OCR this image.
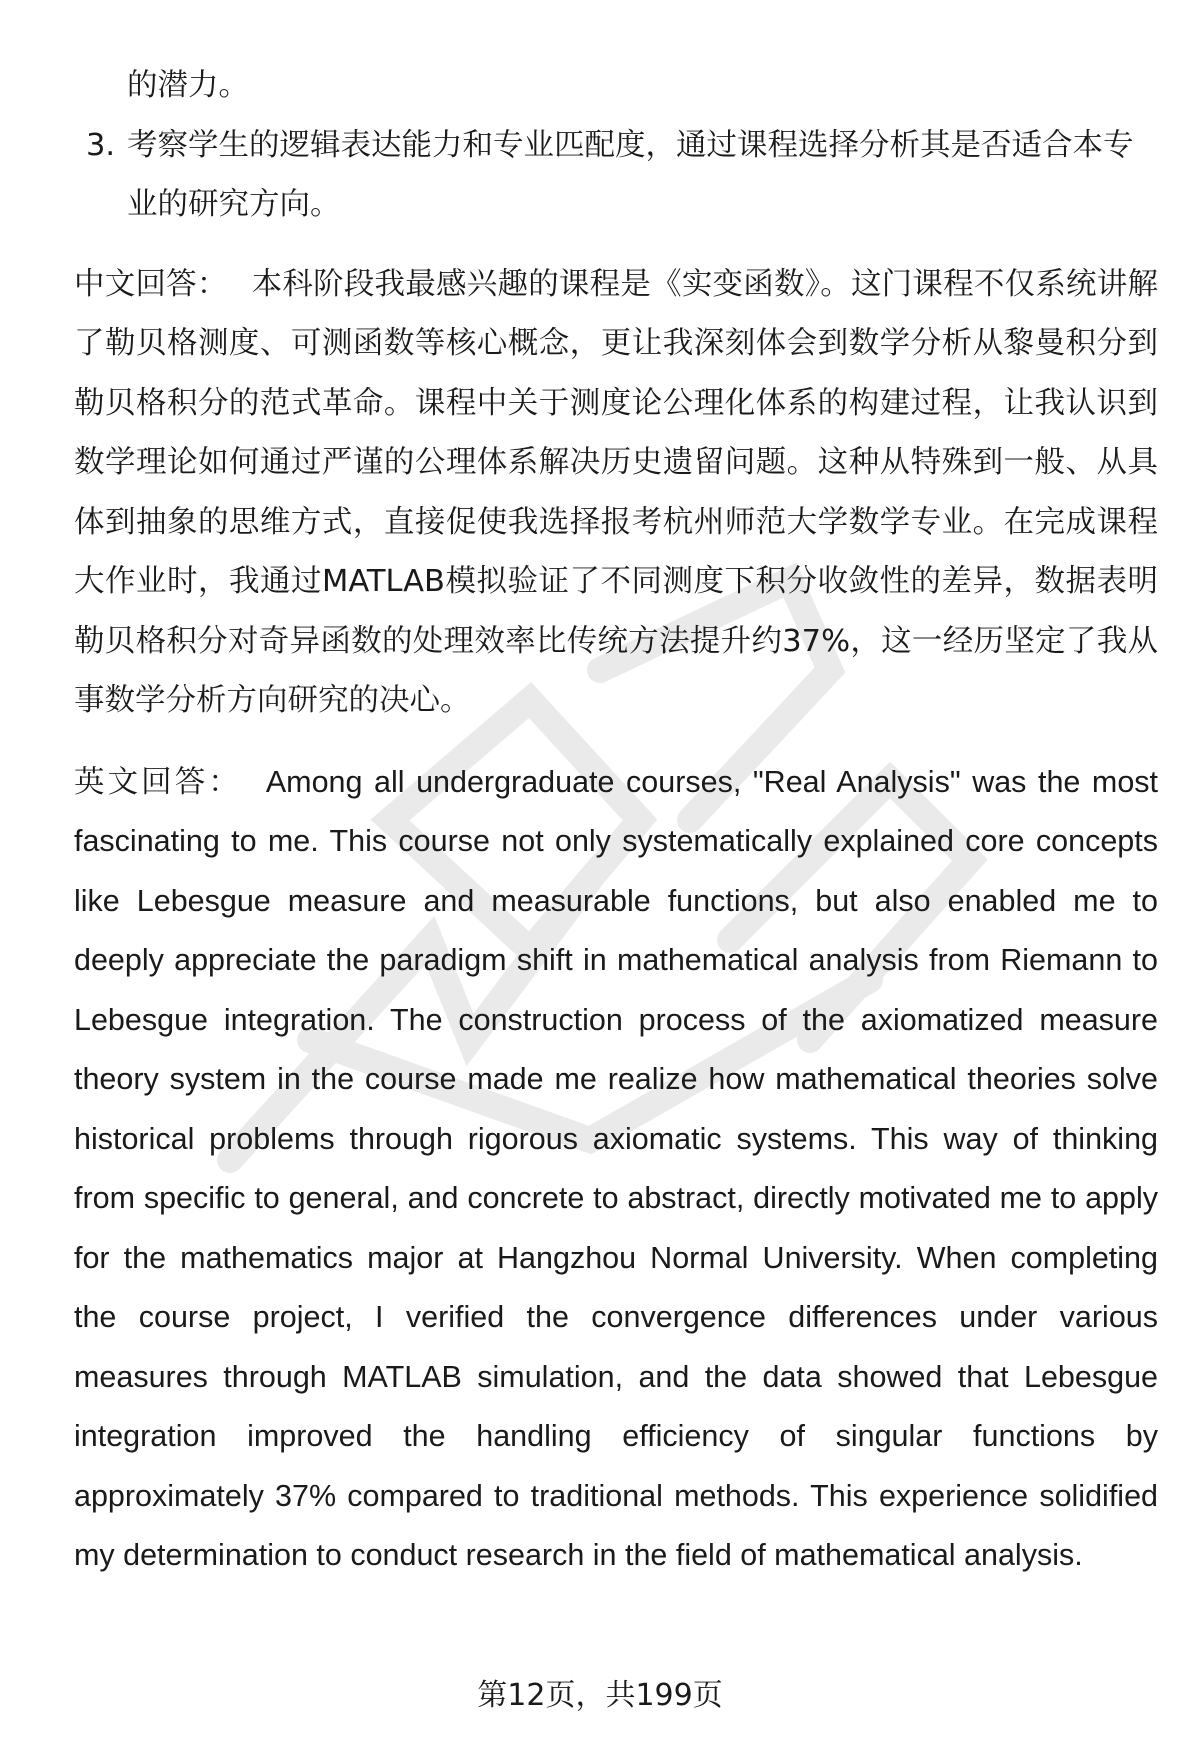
的潜力。
3. 考察学生的逻辑表达能力和专业匹配度，通过课程选择分析其是否适合本专业的研究方向。
中文回答： 本科阶段我最感兴趣的课程是《实变函数》。这门课程不仅系统讲解了勒贝格测度、可测函数等核心概念，更让我深刻体会到数学分析从黎曼积分到勒贝格积分的范式革命。课程中关于测度论公理化体系的构建过程，让我认识到数学理论如何通过严谨的公理体系解决历史遗留问题。这种从特殊到一般、从具体到抽象的思维方式，直接促使我选择报考杭州师范大学数学专业。在完成课程大作业时，我通过MATLAB模拟验证了不同测度下积分收敛性的差异，数据表明勒贝格积分对奇异函数的处理效率比传统方法提升约37%，这一经历坚定了我从事数学分析方向研究的决心。
英文回答： Among all undergraduate courses, "Real Analysis" was the most fascinating to me. This course not only systematically explained core concepts like Lebesgue measure and measurable functions, but also enabled me to deeply appreciate the paradigm shift in mathematical analysis from Riemann to Lebesgue integration. The construction process of the axiomatized measure theory system in the course made me realize how mathematical theories solve historical problems through rigorous axiomatic systems. This way of thinking from specific to general, and concrete to abstract, directly motivated me to apply for the mathematics major at Hangzhou Normal University. When completing the course project, I verified the convergence differences under various measures through MATLAB simulation, and the data showed that Lebesgue integration improved the handling efficiency of singular functions by approximately 37% compared to traditional methods. This experience solidified my determination to conduct research in the field of mathematical analysis.
第12页，共199页
